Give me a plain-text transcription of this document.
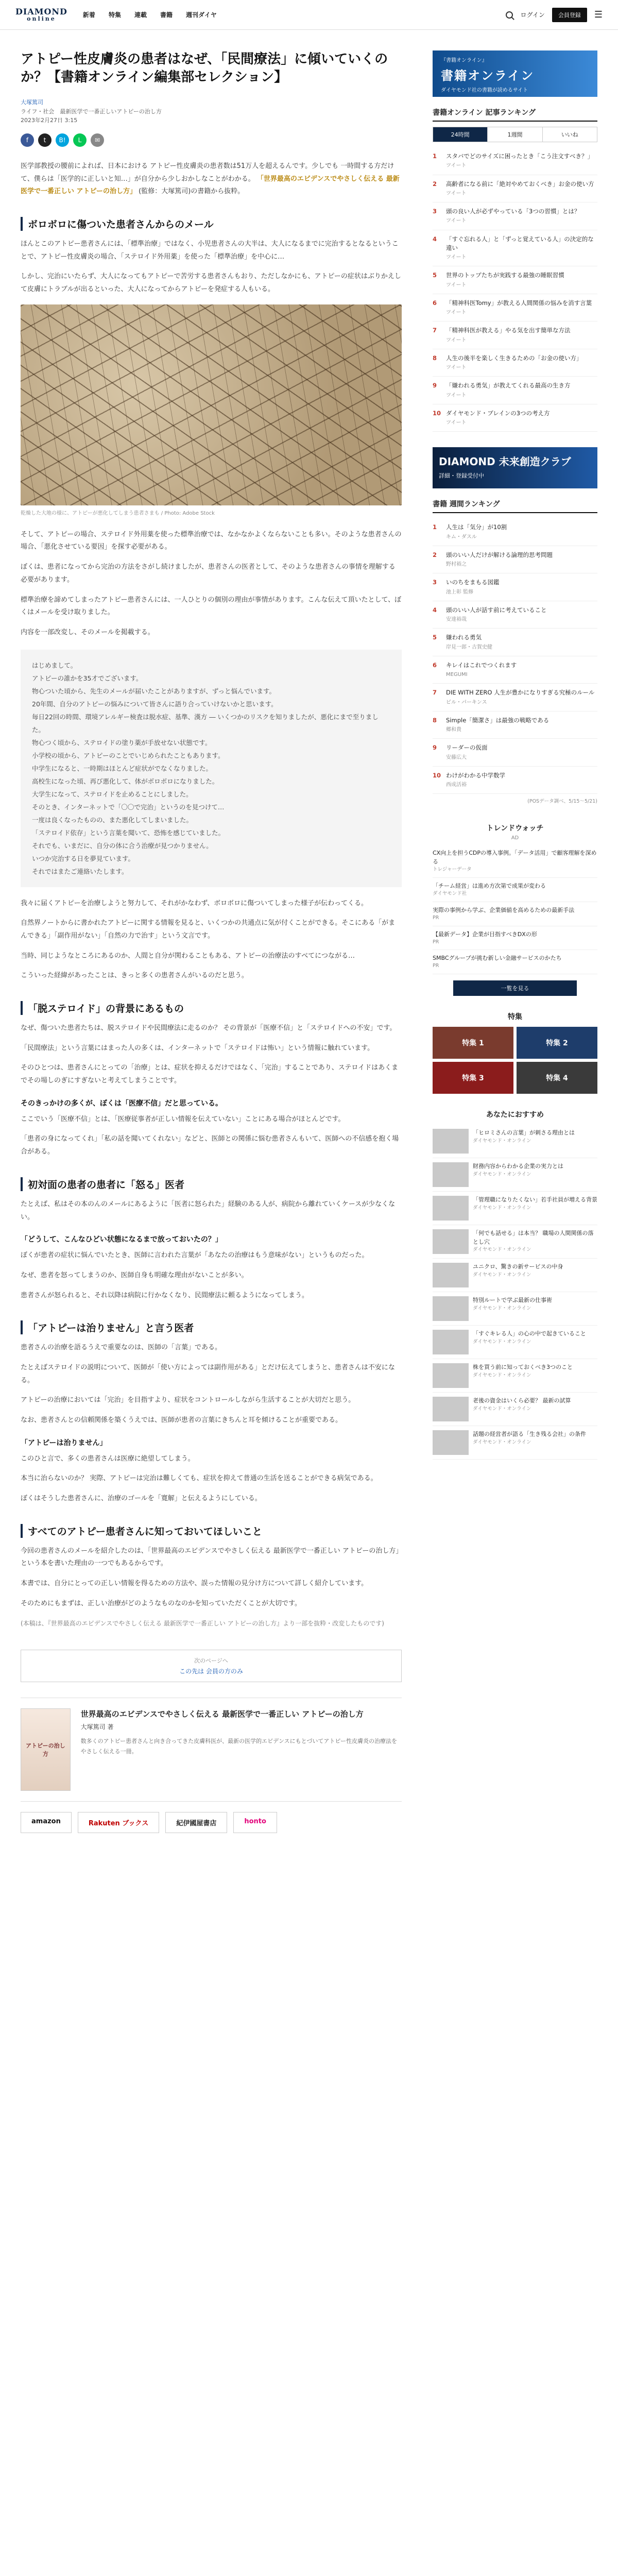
DIAMOND
online
新着 特集 連載 書籍 週刊ダイヤ	ログイン	会員登録	☰
アトピー性皮膚炎の患者はなぜ、「民間療法」に傾いていくのか？【書籍オンライン編集部セレクション】
大塚篤司
ライフ・社会　最新医学で一番正しいアトピーの治し方
2023年2月27日 3:15
f	t	B!	L	✉
医学部教授の腰前によれば、日本における アトピー性皮膚炎の患者数は51万人を超えるんです。少しでも 一時間する方だけて、僕らは「医学的に正しいと知…」が自分から少しおかしなことがわかる。 「世界最高のエビデンスでやさしく伝える 最新医学で一番正しい アトピーの治し方」 (監修：大塚篤司)の書籍から抜粋。
ボロボロに傷ついた患者さんからのメール

ほんとこのアトピー患者さんには、「標準治療」ではなく、小児患者さんの大半は、大人になるまでに完治するとなるということで、アトピー性皮膚炎の場合、「ステロイド外用薬」を使った「標準治療」を中心に…

しかし、完治にいたらず、大人になってもアトピーで苦労する患者さんもおり、ただしなかにも、アトピーの症状はぶりかえして皮膚にトラブルが出るといった、大人になってからアトピーを発症する人もいる。

乾燥した大地の様に、アトピーが悪化してしまう患者さまも / Photo: Adobe Stock

そして、アトピーの場合、ステロイド外用薬を使った標準治療では、なかなかよくならないことも多い。そのような患者さんの場合、「悪化させている要因」を探す必要がある。

ぼくは、患者になってから完治の方法をさがし続けましたが、患者さんの医者として、そのような患者さんの事情を理解する必要があります。

標準治療を諦めてしまったアトピー患者さんには、一人ひとりの個別の理由が事情があります。こんな伝えて頂いたとして、ぼくはメールを受け取りました。

内容を一部改変し、そのメールを掲載する。

はじめまして。
アトピーの誰かを35才でございます。
物心ついた頃から、先生のメールが届いたことがありますが、ずっと悩んでいます。
20年間、自分のアトピーの悩みについて皆さんに語り合っていけないかと思います。
毎日22回の時間、環境アレルギー検査は脱水症、基準、漢方 ― いくつかのリスクを知りましたが、悪化にまで至りました。
物心つく頃から、ステロイドの塗り薬が手放せない状態です。
小学校の頃から、アトピーのことでいじめられたこともあります。
中学生になると、一時期はほとんど症状がでなくなりました。
高校生になった頃、再び悪化して、体がボロボロになりました。
大学生になって、ステロイドを止めることにしました。
そのとき、インターネットで「〇〇で完治」というのを見つけて…
一度は良くなったものの、また悪化してしまいました。
「ステロイド依存」という言葉を聞いて、恐怖を感じていました。
それでも、いまだに、自分の体に合う治療が見つかりません。
いつか完治する日を夢見ています。
それではまたご連絡いたします。

我々に届くアトピーを治療しようと努力して、それがかなわず、ボロボロに傷ついてしまった様子が伝わってくる。

自然界ノートからに書かれたアトピーに関する情報を見ると、いくつかの共通点に気が付くことができる。そこにある「がまんできる」「副作用がない」「自然の力で治す」という文言です。

当時、同じようなところにあるのか、人間と自分が関わることもある、アトピーの治療法のすべてにつながる…

こういった経緯があったことは、きっと多くの患者さんがいるのだと思う。

「脱ステロイド」の背景にあるもの

なぜ、傷ついた患者たちは、脱ステロイドや民間療法に走るのか？ その背景が「医療不信」と「ステロイドへの不安」です。

「民間療法」という言葉にはまった人の多くは、インターネットで「ステロイドは怖い」という情報に触れています。

そのひとつは、患者さんにとっての「治療」とは、症状を抑えるだけではなく、「完治」することであり、ステロイドはあくまでその場しのぎにすぎないと考えてしまうことです。

そのきっかけの多くが、ぼくは「医療不信」だと思っている。

ここでいう「医療不信」とは、「医療従事者が正しい情報を伝えていない」ことにある場合がほとんどです。

「患者の身になってくれ」「私の話を聞いてくれない」などと、医師との関係に悩む患者さんもいて、医師への不信感を抱く場合がある。

初対面の患者の患者に「怒る」医者

たとえば、私はその本のんのメールにあるように「医者に怒られた」経験のある人が、病院から離れていくケースが少なくない。

「どうして、こんなひどい状態になるまで放っておいたの？」

ぼくが患者の症状に悩んでいたとき、医師に言われた言葉が「あなたの治療はもう意味がない」というものだった。

なぜ、患者を怒ってしまうのか、医師自身も明確な理由がないことが多い。

患者さんが怒られると、それ以降は病院に行かなくなり、民間療法に頼るようになってしまう。

「アトピーは治りません」と言う医者

患者さんの治療を語るうえで重要なのは、医師の「言葉」である。

たとえばステロイドの説明について、医師が「使い方によっては副作用がある」とだけ伝えてしまうと、患者さんは不安になる。

アトピーの治療においては「完治」を目指すより、症状をコントロールしながら生活することが大切だと思う。

なお、患者さんとの信頼関係を築くうえでは、医師が患者の言葉にきちんと耳を傾けることが重要である。

「アトピーは治りません」

このひと言で、多くの患者さんは医療に絶望してしまう。

本当に治らないのか？ 実際、アトピーは完治は難しくても、症状を抑えて普通の生活を送ることができる病気である。

ぼくはそうした患者さんに、治療のゴールを「寛解」と伝えるようにしている。

すべてのアトピー患者さんに知っておいてほしいこと

今回の患者さんのメールを紹介したのは、「世界最高のエビデンスでやさしく伝える 最新医学で一番正しい アトピーの治し方」という本を書いた理由の一つでもあるからです。

本書では、自分にとっての正しい情報を得るための方法や、誤った情報の見分け方について詳しく紹介しています。

そのためにもまずは、正しい治療がどのようなものなのかを知っていただくことが大切です。

(本稿は、『世界最高のエビデンスでやさしく伝える 最新医学で一番正しい アトピーの治し方』より一部を抜粋・改変したものです)

次のページへ
この先は 会員の方のみ
アトピーの治し方
世界最高のエビデンスでやさしく伝える 最新医学で一番正しい アトピーの治し方
大塚篤司 著
数多くのアトピー患者さんと向き合ってきた皮膚科医が、最新の医学的エビデンスにもとづいてアトピー性皮膚炎の治療法をやさしく伝える一冊。
amazon	Rakuten ブックス	紀伊國屋書店	honto
『書籍オンライン』
書籍オンライン
ダイヤモンド社の書籍が読めるサイト
書籍オンライン 記事ランキング
24時間	1週間	いいね
1	スタバでどのサイズに困ったとき「こう注文すべき？」
ツイート
2	高齢者になる前に「絶対やめておくべき」お金の使い方
ツイート
3	頭の良い人が必ずやっている「3つの習慣」とは？
ツイート
4	「すぐ忘れる人」と「ずっと覚えている人」の決定的な違い
ツイート
5	世界のトップたちが実践する最強の睡眠習慣
ツイート
6	「精神科医Tomy」が教える人間関係の悩みを消す言葉
ツイート
7	「精神科医が教える」やる気を出す簡単な方法
ツイート
8	人生の後半を楽しく生きるための「お金の使い方」
ツイート
9	「嫌われる勇気」が教えてくれる最高の生き方
ツイート
10 ダイヤモンド・ブレインの3つの考え方
ツイート
DIAMOND 未来創造クラブ
詳細・登録受付中
書籍 週間ランキング
1	人生は「気分」が10割
キム・ダスル
2	頭のいい人だけが解ける論理的思考問題
野村裕之
3	いのちをまもる図鑑
池上彰 監修
4	頭のいい人が話す前に考えていること
安達裕哉
5	嫌われる勇気
岸見一郎・古賀史健
6	キレイはこれでつくれます
MEGUMI
7	DIE WITH ZERO 人生が豊かになりすぎる究極のルール
ビル・パーキンス
8	Simple「簡潔さ」は最強の戦略である
郷和貴
9	リーダーの仮面
安藤広大
10 わけがわかる中学数学
西成活裕
(POSデータ調べ、5/15〜5/21)
トレンドウォッチ
AD
CX向上を担うCDPの導入事例。「データ活用」で顧客理解を深める
トレジャーデータ
「チーム経営」は進め方次第で成果が変わる
ダイヤモンド社
実際の事例から学ぶ、企業価値を高めるための最新手法
PR
【最新データ】企業が目指すべきDXの形
PR
SMBCグループが挑む新しい金融サービスのかたち
PR
一覧を見る
特集
特集 1	特集 2
特集 3	特集 4
あなたにおすすめ
「ヒロミさんの言葉」が刺さる理由とは
ダイヤモンド・オンライン
財務内容からわかる企業の実力とは
ダイヤモンド・オンライン
「管理職になりたくない」若手社員が増える背景
ダイヤモンド・オンライン
「何でも話せる」は本当？ 職場の人間関係の落とし穴
ダイヤモンド・オンライン
ユニクロ、驚きの新サービスの中身
ダイヤモンド・オンライン
特別ルートで学ぶ最新の仕事術
ダイヤモンド・オンライン
「すぐキレる人」の心の中で起きていること
ダイヤモンド・オンライン
株を買う前に知っておくべき3つのこと
ダイヤモンド・オンライン
老後の資金はいくら必要？ 最新の試算
ダイヤモンド・オンライン
話題の経営者が語る「生き残る会社」の条件
ダイヤモンド・オンライン
